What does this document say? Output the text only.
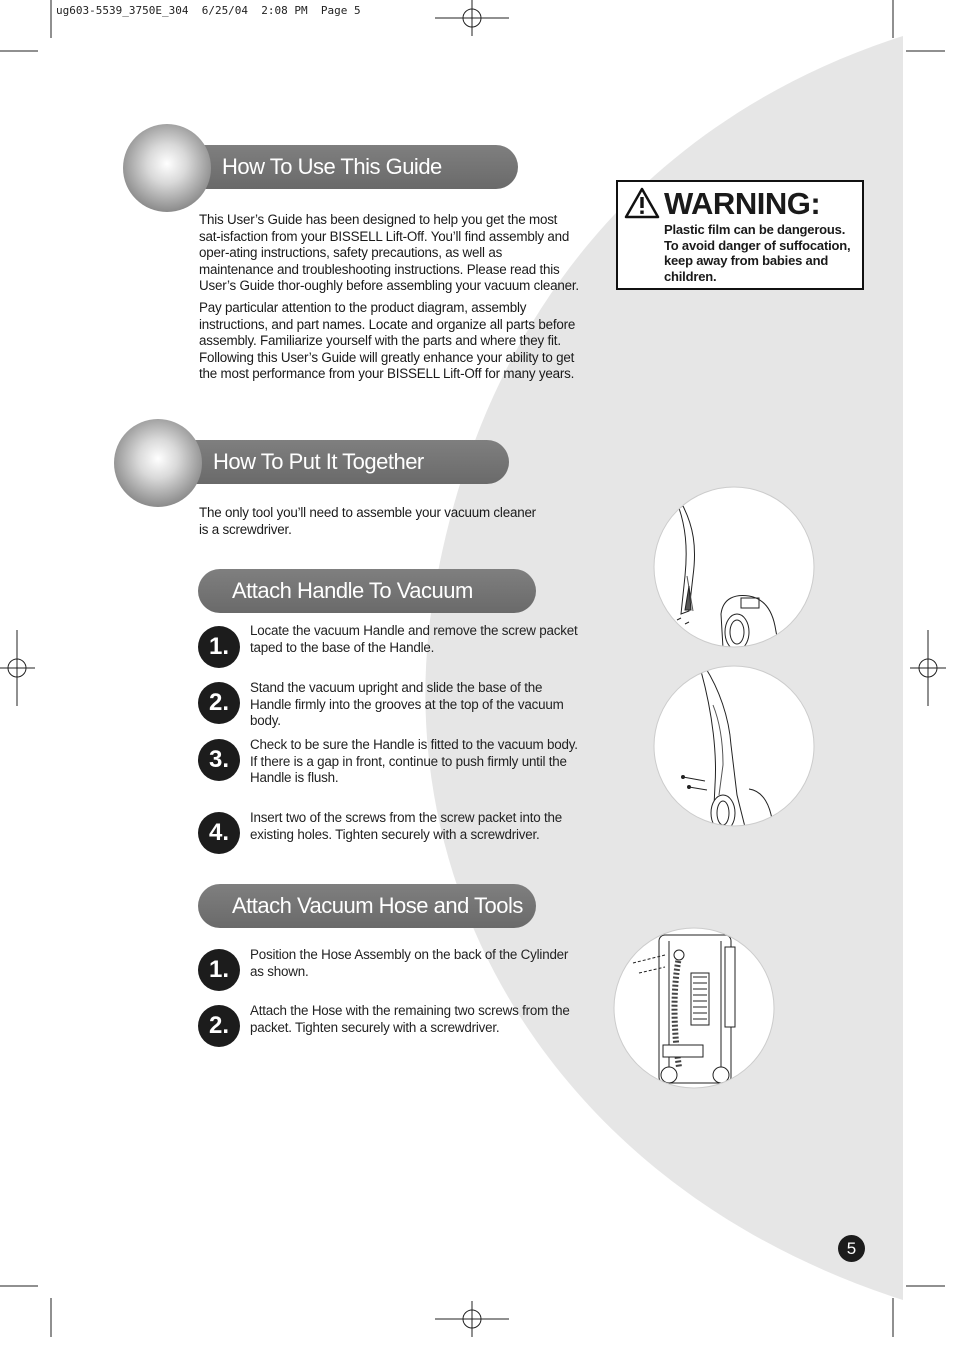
ug603-5539_3750E_304  6/25/04  2:08 PM  Page 5
How To Use This Guide

This User’s Guide has been designed to help you get the most sat-isfaction from your BISSELL Lift-Off. You’ll find assembly and oper-ating instructions, safety precautions, as well as maintenance and troubleshooting instructions. Please read this User’s Guide thor-oughly before assembling your vacuum cleaner.

Pay particular attention to the product diagram, assembly instructions, and part names. Locate and organize all parts before assembly. Familiarize yourself with the parts and where they fit. Following this User’s Guide will greatly enhance your ability to get the most performance from your BISSELL Lift-Off for many years.

WARNING:
Plastic film can be dangerous. To avoid danger of suffocation, keep away from babies and children.
How To Put It Together
The only tool you’ll need to assemble your vacuum cleaner is a screwdriver.
Attach Handle To Vacuum
1.
Locate the vacuum Handle and remove the screw packet taped to the base of the Handle.
2.
Stand the vacuum upright and slide the base of the Handle firmly into the grooves at the top of the vacuum body.
3.
Check to be sure the Handle is fitted to the vacuum body. If there is a gap in front, continue to push firmly until the Handle is flush.
4.
Insert two of the screws from the screw packet into the existing holes. Tighten securely with a screwdriver.
Attach Vacuum Hose and Tools
1.
Position the Hose Assembly on the back of the Cylinder as shown.
2.
Attach the Hose with the remaining two screws from the packet. Tighten securely with a screwdriver.
5
